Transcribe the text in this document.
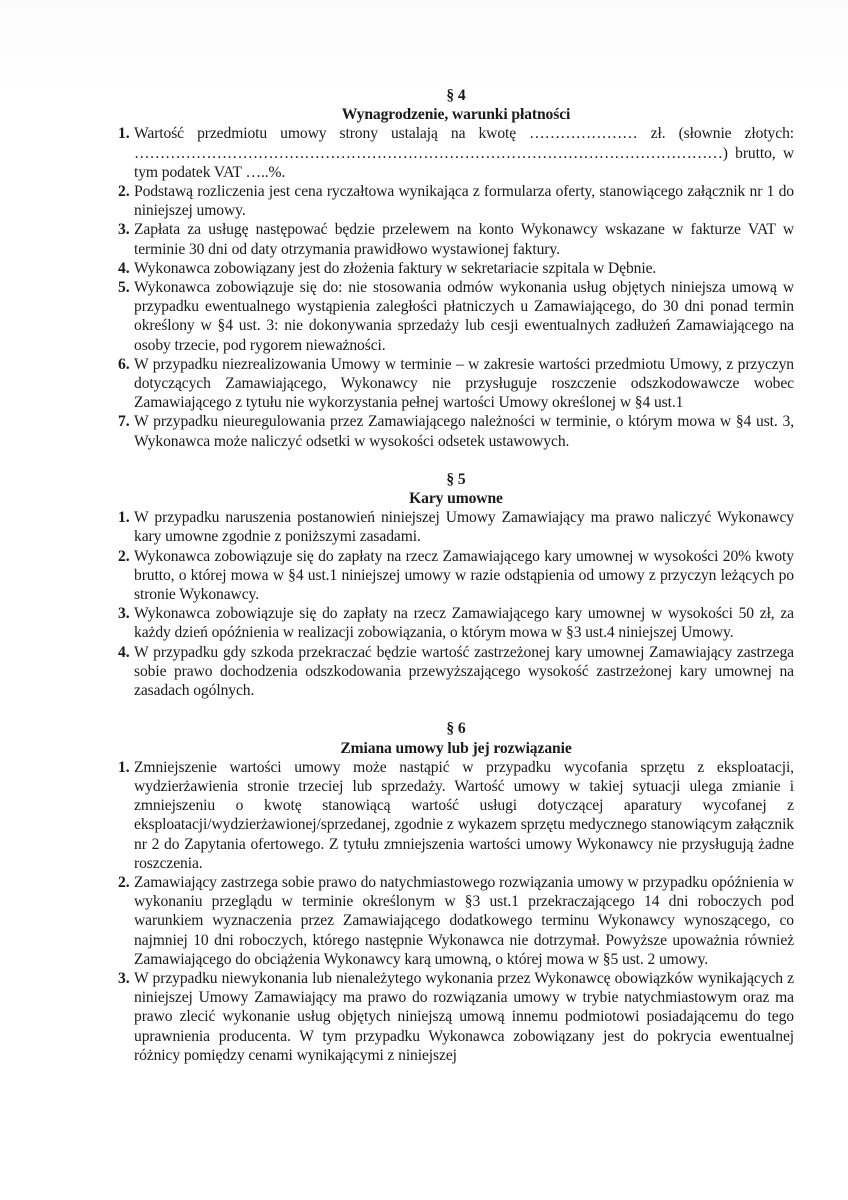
§ 4

Wynagrodzenie, warunki płatności

1. Wartość przedmiotu umowy strony ustalają na kwotę ………………… zł. (słownie złotych: ……………………………………………………………………………………………………) brutto, w tym podatek VAT …..%.
2. Podstawą rozliczenia jest cena ryczałtowa wynikająca z formularza oferty, stanowiącego załącznik nr 1 do niniejszej umowy.
3. Zapłata za usługę następować będzie przelewem na konto Wykonawcy wskazane w fakturze VAT w terminie 30 dni od daty otrzymania prawidłowo wystawionej faktury.
4. Wykonawca zobowiązany jest do złożenia faktury w sekretariacie szpitala w Dębnie.
5. Wykonawca zobowiązuje się do: nie stosowania odmów wykonania usług objętych niniejsza umową w przypadku ewentualnego wystąpienia zaległości płatniczych u Zamawiającego, do 30 dni ponad termin określony w §4 ust. 3: nie dokonywania sprzedaży lub cesji ewentualnych zadłużeń Zamawiającego na osoby trzecie, pod rygorem nieważności.
6. W przypadku niezrealizowania Umowy w terminie – w zakresie wartości przedmiotu Umowy, z przyczyn dotyczących Zamawiającego, Wykonawcy nie przysługuje roszczenie odszkodowawcze wobec Zamawiającego z tytułu nie wykorzystania pełnej wartości Umowy określonej w §4 ust.1
7. W przypadku nieuregulowania przez Zamawiającego należności w terminie, o którym mowa w §4 ust. 3, Wykonawca może naliczyć odsetki w wysokości odsetek ustawowych.

§ 5

Kary umowne

1. W przypadku naruszenia postanowień niniejszej Umowy Zamawiający ma prawo naliczyć Wykonawcy kary umowne zgodnie z poniższymi zasadami.
2. Wykonawca zobowiązuje się do zapłaty na rzecz Zamawiającego kary umownej w wysokości 20% kwoty brutto, o której mowa w §4 ust.1 niniejszej umowy w razie odstąpienia od umowy z przyczyn leżących po stronie Wykonawcy.
3. Wykonawca zobowiązuje się do zapłaty na rzecz Zamawiającego kary umownej w wysokości 50 zł, za każdy dzień opóźnienia w realizacji zobowiązania, o którym mowa w §3 ust.4 niniejszej Umowy.
4. W przypadku gdy szkoda przekraczać będzie wartość zastrzeżonej kary umownej Zamawiający zastrzega sobie prawo dochodzenia odszkodowania przewyższającego wysokość zastrzeżonej kary umownej na zasadach ogólnych.

§ 6

Zmiana umowy lub jej rozwiązanie

1. Zmniejszenie wartości umowy może nastąpić w przypadku wycofania sprzętu z eksploatacji, wydzierżawienia stronie trzeciej lub sprzedaży. Wartość umowy w takiej sytuacji ulega zmianie i zmniejszeniu o kwotę stanowiącą wartość usługi dotyczącej aparatury wycofanej z eksploatacji/wydzierżawionej/sprzedanej, zgodnie z wykazem sprzętu medycznego stanowiącym załącznik nr 2 do Zapytania ofertowego. Z tytułu zmniejszenia wartości umowy Wykonawcy nie przysługują żadne roszczenia.
2. Zamawiający zastrzega sobie prawo do natychmiastowego rozwiązania umowy w przypadku opóźnienia w wykonaniu przeglądu w terminie określonym w §3 ust.1 przekraczającego 14 dni roboczych pod warunkiem wyznaczenia przez Zamawiającego dodatkowego terminu Wykonawcy wynoszącego, co najmniej 10 dni roboczych, którego następnie Wykonawca nie dotrzymał. Powyższe upoważnia również Zamawiającego do obciążenia Wykonawcy karą umowną, o której mowa w §5 ust. 2 umowy.
3. W przypadku niewykonania lub nienależytego wykonania przez Wykonawcę obowiązków wynikających z niniejszej Umowy Zamawiający ma prawo do rozwiązania umowy w trybie natychmiastowym oraz ma prawo zlecić wykonanie usług objętych niniejszą umową innemu podmiotowi posiadającemu do tego uprawnienia producenta. W tym przypadku Wykonawca zobowiązany jest do pokrycia ewentualnej różnicy pomiędzy cenami wynikającymi z niniejszej
